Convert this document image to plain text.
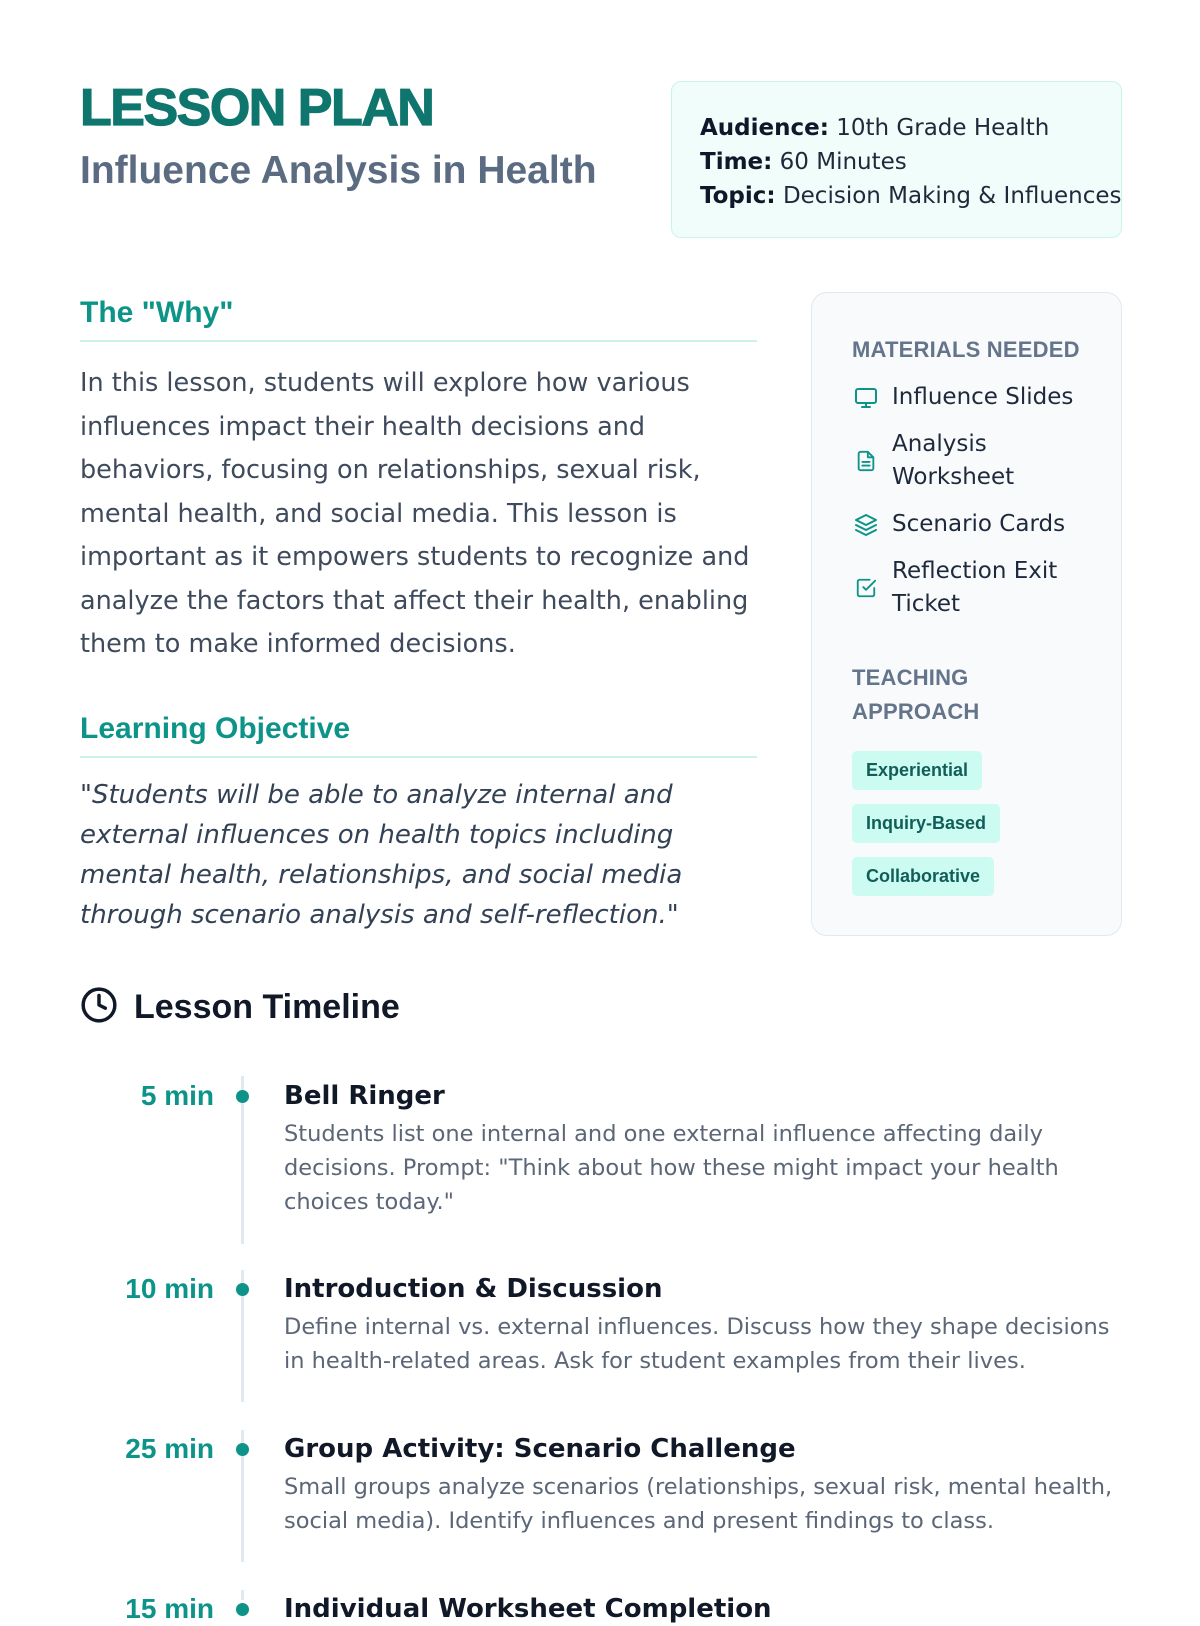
LESSON PLAN
Influence Analysis in Health
Audience: 10th Grade Health
Time: 60 Minutes
Topic: Decision Making & Influences
The "Why"

In this lesson, students will explore how various influences impact their health decisions and behaviors, focusing on relationships, sexual risk, mental health, and social media. This lesson is important as it empowers students to recognize and analyze the factors that affect their health, enabling them to make informed decisions.

Learning Objective

"Students will be able to analyze internal and external influences on health topics including mental health, relationships, and social media through scenario analysis and self-reflection."

MATERIALS NEEDED
Influence Slides
Analysis Worksheet
Scenario Cards
Reflection Exit Ticket
TEACHING APPROACH
Experiential
Inquiry-Based
Collaborative
Lesson Timeline
5 min	Bell Ringer

Students list one internal and one external influence affecting daily decisions. Prompt: "Think about how these might impact your health choices today."

10 min	Introduction & Discussion

Define internal vs. external influences. Discuss how they shape decisions in health-related areas. Ask for student examples from their lives.

25 min	Group Activity: Scenario Challenge

Small groups analyze scenarios (relationships, sexual risk, mental health, social media). Identify influences and present findings to class.

15 min	Individual Worksheet Completion
